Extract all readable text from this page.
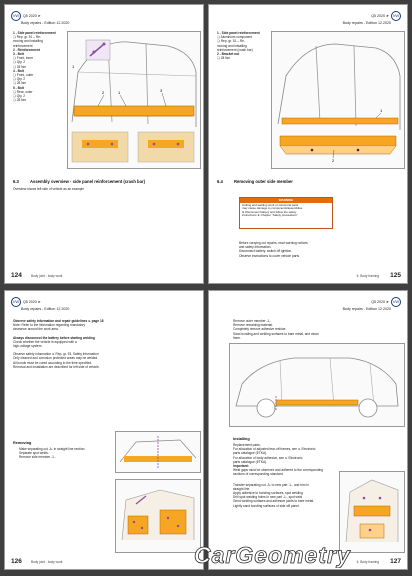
VW Q5 2020 ➤
Body repairs - Edition 12.2020
1 - Side panel reinforcement
❑ Rep. gr. 51 – Re-
moving and installing
reinforcement
2 - Reinforcement
3 - Bolt
❑ Front, inner
❑ Qty. 2
❑ 28 Nm
4 - Bolt
❑ Front, outer
❑ Qty. 2
❑ 28 Nm
5 - Bolt
❑ Rear, outer
❑ Qty. 2
❑ 28 Nm
1
2	1	3
6.3	Assembly overview - side panel reinforcement (crash bar)
Overview shows left side of vehicle as an example
124	Body joint - body work
Q5 2020 ➤ VW
Body repairs - Edition 12.2020
1 - Side panel reinforcement
❑ Aluminium component
❑ Rep. gr. 51 – Re-
moving and installing
reinforcement (crash bar)
2 - Bracket nut
❑ 28 Nm
1
2
6.4	Removing outer side member
WARNING
Cutting and welding work on structural parts
may cause damage to components/assemblies.
➤ Disconnect battery and follow the safety
instructions ➤ Chapter "Safety precautions"
Before carrying out repairs, read warning notices
and safety information.
Disconnect battery, switch off ignition.
Observe instructions to cover vehicle parts
6. Body framing 125
VW Q5 2020 ➤
Body repairs - Edition 12.2020
Observe safety information and repair guidelines ➤ page 18
Note: Refer to the information regarding mandatory
clearance around the work area.
Always disconnect the battery before starting welding
Check whether the vehicle is equipped with a
high-voltage system.
Observe safety information ➤ Rep. gr. 93, Safety information
Only cleaned and corrosion protected areas may be welded.
All bonds must be cured according to the time specified.
Removal and installation are described for left side of vehicle.
Removing
Make separating cut -A- in straight line section.
Separate spot welds.
Remove side member -1-.
126	Body joint - body work
Q5 2020 ➤ VW
Body repairs - Edition 12.2020
Remove outer member -1-.
Remove remaining material.
Completely remove adhesive residue.
Sand bonding and welding surfaces to bare metal, and clean
them.
Installing
Replacement parts:
For allocation of adjusted tear-off frames, see ➤ Electronic
parts catalogue (ETKA).
For allocation of body adhesive, see ➤ Electronic
parts catalogue (ETKA).
Important:
Weld gaps must be observed and adhered to the corresponding
sections of corresponding standard.
Transfer separating cut -A- to new part -1-, and trim in
straight line.
Apply adhesive to bonding surfaces, spot welding
Drill spot welding holes in new part -1-, spot weld
Grind welding surfaces and adhesive joints to bare metal.
Lightly sand bonding surfaces of side sill panel.
6. Body framing 127
CarGeometry
